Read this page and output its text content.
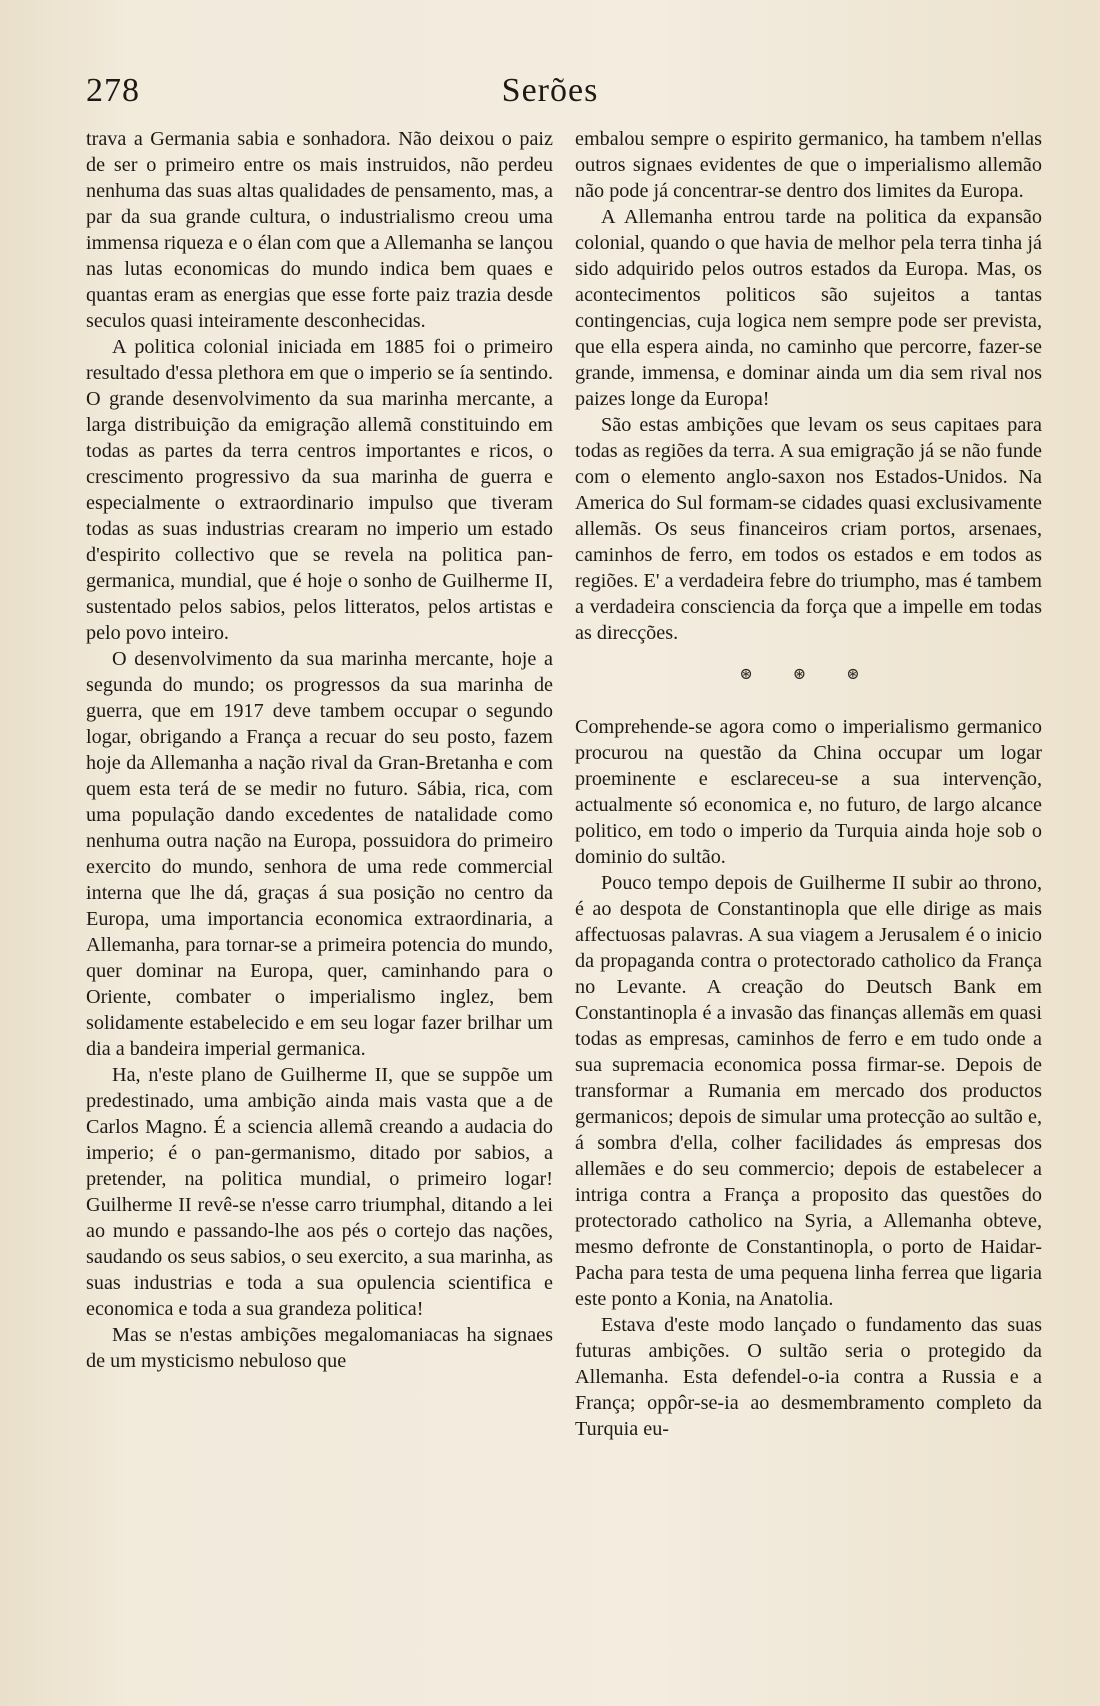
278	Serões

trava a Germania sabia e sonhadora. Não deixou o paiz de ser o primeiro entre os mais instruidos, não perdeu nenhuma das suas altas qualidades de pensamento, mas, a par da sua grande cultura, o industrialismo creou uma immensa riqueza e o élan com que a Allemanha se lançou nas lutas economicas do mundo indica bem quaes e quantas eram as energias que esse forte paiz trazia desde seculos quasi inteiramente desconhecidas.

A politica colonial iniciada em 1885 foi o primeiro resultado d'essa plethora em que o imperio se ía sentindo. O grande desenvolvimento da sua marinha mercante, a larga distribuição da emigração allemã constituindo em todas as partes da terra centros importantes e ricos, o crescimento progressivo da sua marinha de guerra e especialmente o extraordinario impulso que tiveram todas as suas industrias crearam no imperio um estado d'espirito collectivo que se revela na politica pan-germanica, mundial, que é hoje o sonho de Guilherme II, sustentado pelos sabios, pelos litteratos, pelos artistas e pelo povo inteiro.

O desenvolvimento da sua marinha mercante, hoje a segunda do mundo; os progressos da sua marinha de guerra, que em 1917 deve tambem occupar o segundo logar, obrigando a França a recuar do seu posto, fazem hoje da Allemanha a nação rival da Gran-Bretanha e com quem esta terá de se medir no futuro. Sábia, rica, com uma população dando excedentes de natalidade como nenhuma outra nação na Europa, possuidora do primeiro exercito do mundo, senhora de uma rede commercial interna que lhe dá, graças á sua posição no centro da Europa, uma importancia economica extraordinaria, a Allemanha, para tornar-se a primeira potencia do mundo, quer dominar na Europa, quer, caminhando para o Oriente, combater o imperialismo inglez, bem solidamente estabelecido e em seu logar fazer brilhar um dia a bandeira imperial germanica.

Ha, n'este plano de Guilherme II, que se suppõe um predestinado, uma ambição ainda mais vasta que a de Carlos Magno. É a sciencia allemã creando a audacia do imperio; é o pan-germanismo, ditado por sabios, a pretender, na politica mundial, o primeiro logar! Guilherme II revê-se n'esse carro triumphal, ditando a lei ao mundo e passando-lhe aos pés o cortejo das nações, saudando os seus sabios, o seu exercito, a sua marinha, as suas industrias e toda a sua opulencia scientifica e economica e toda a sua grandeza politica!

Mas se n'estas ambições megalomaniacas ha signaes de um mysticismo nebuloso que

embalou sempre o espirito germanico, ha tambem n'ellas outros signaes evidentes de que o imperialismo allemão não pode já concentrar-se dentro dos limites da Europa.

A Allemanha entrou tarde na politica da expansão colonial, quando o que havia de melhor pela terra tinha já sido adquirido pelos outros estados da Europa. Mas, os acontecimentos politicos são sujeitos a tantas contingencias, cuja logica nem sempre pode ser prevista, que ella espera ainda, no caminho que percorre, fazer-se grande, immensa, e dominar ainda um dia sem rival nos paizes longe da Europa!

São estas ambições que levam os seus capitaes para todas as regiões da terra. A sua emigração já se não funde com o elemento anglo-saxon nos Estados-Unidos. Na America do Sul formam-se cidades quasi exclusivamente allemãs. Os seus financeiros criam portos, arsenaes, caminhos de ferro, em todos os estados e em todos as regiões. E' a verdadeira febre do triumpho, mas é tambem a verdadeira consciencia da força que a impelle em todas as direcções.

⊛ ⊛ ⊛

Comprehende-se agora como o imperialismo germanico procurou na questão da China occupar um logar proeminente e esclareceu-se a sua intervenção, actualmente só economica e, no futuro, de largo alcance politico, em todo o imperio da Turquia ainda hoje sob o dominio do sultão.

Pouco tempo depois de Guilherme II subir ao throno, é ao despota de Constantinopla que elle dirige as mais affectuosas palavras. A sua viagem a Jerusalem é o inicio da propaganda contra o protectorado catholico da França no Levante. A creação do Deutsch Bank em Constantinopla é a invasão das finanças allemãs em quasi todas as empresas, caminhos de ferro e em tudo onde a sua supremacia economica possa firmar-se. Depois de transformar a Rumania em mercado dos productos germanicos; depois de simular uma protecção ao sultão e, á sombra d'ella, colher facilidades ás empresas dos allemães e do seu commercio; depois de estabelecer a intriga contra a França a proposito das questões do protectorado catholico na Syria, a Allemanha obteve, mesmo defronte de Constantinopla, o porto de Haidar-Pacha para testa de uma pequena linha ferrea que ligaria este ponto a Konia, na Anatolia.

Estava d'este modo lançado o fundamento das suas futuras ambições. O sultão seria o protegido da Allemanha. Esta defendel-o-ia contra a Russia e a França; oppôr-se-ia ao desmembramento completo da Turquia eu-
